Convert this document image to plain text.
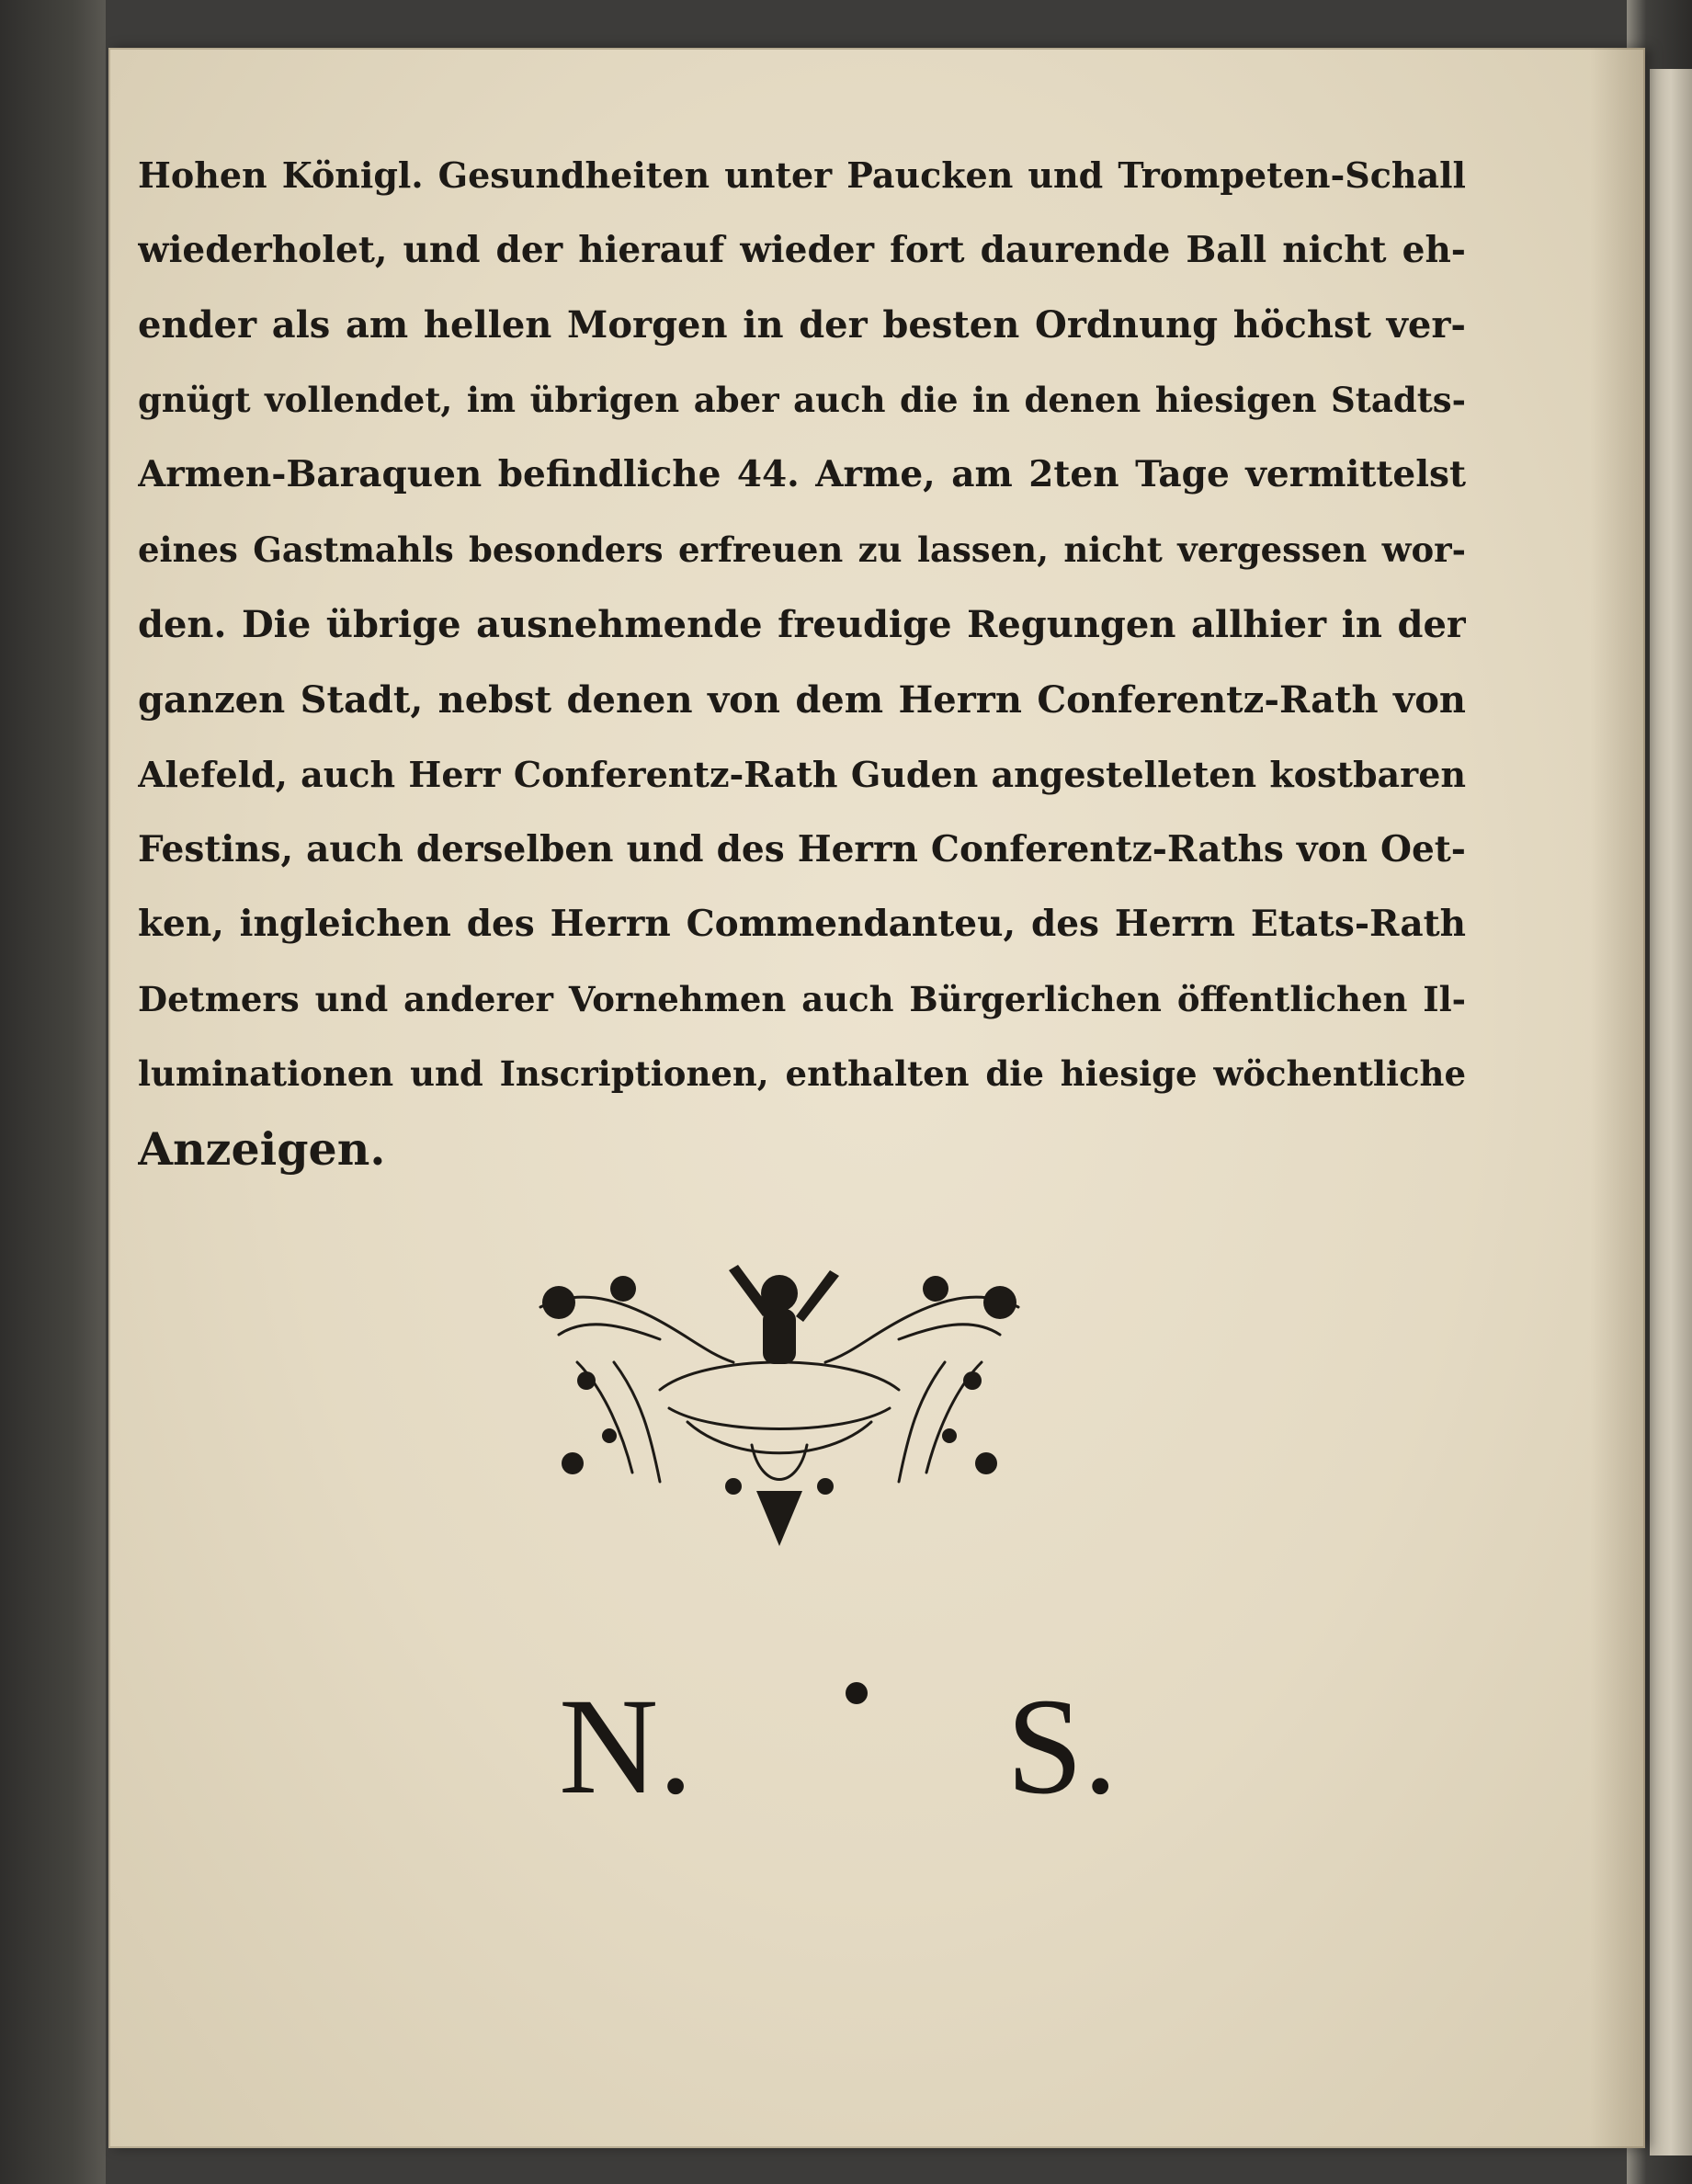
Hohen Königl. Gesundheiten unter Paucken und Trompeten-Schall
wiederholet, und der hierauf wieder fort daurende Ball nicht eh-
ender als am hellen Morgen in der besten Ordnung höchst ver-
gnügt vollendet, im übrigen aber auch die in denen hiesigen Stadts-
Armen-Baraquen befindliche 44. Arme, am 2ten Tage vermittelst
eines Gastmahls besonders erfreuen zu lassen, nicht vergessen wor-
den. Die übrige ausnehmende freudige Regungen allhier in der
ganzen Stadt, nebst denen von dem Herrn Conferentz-Rath von
Alefeld, auch Herr Conferentz-Rath Guden angestelleten kostbaren
Festins, auch derselben und des Herrn Conferentz-Raths von Oet-
ken, ingleichen des Herrn Commendanteu, des Herrn Etats-Rath
Detmers und anderer Vornehmen auch Bürgerlichen öffentlichen Il-
luminationen und Inscriptionen, enthalten die hiesige wöchentliche
Anzeigen.
N. S.
